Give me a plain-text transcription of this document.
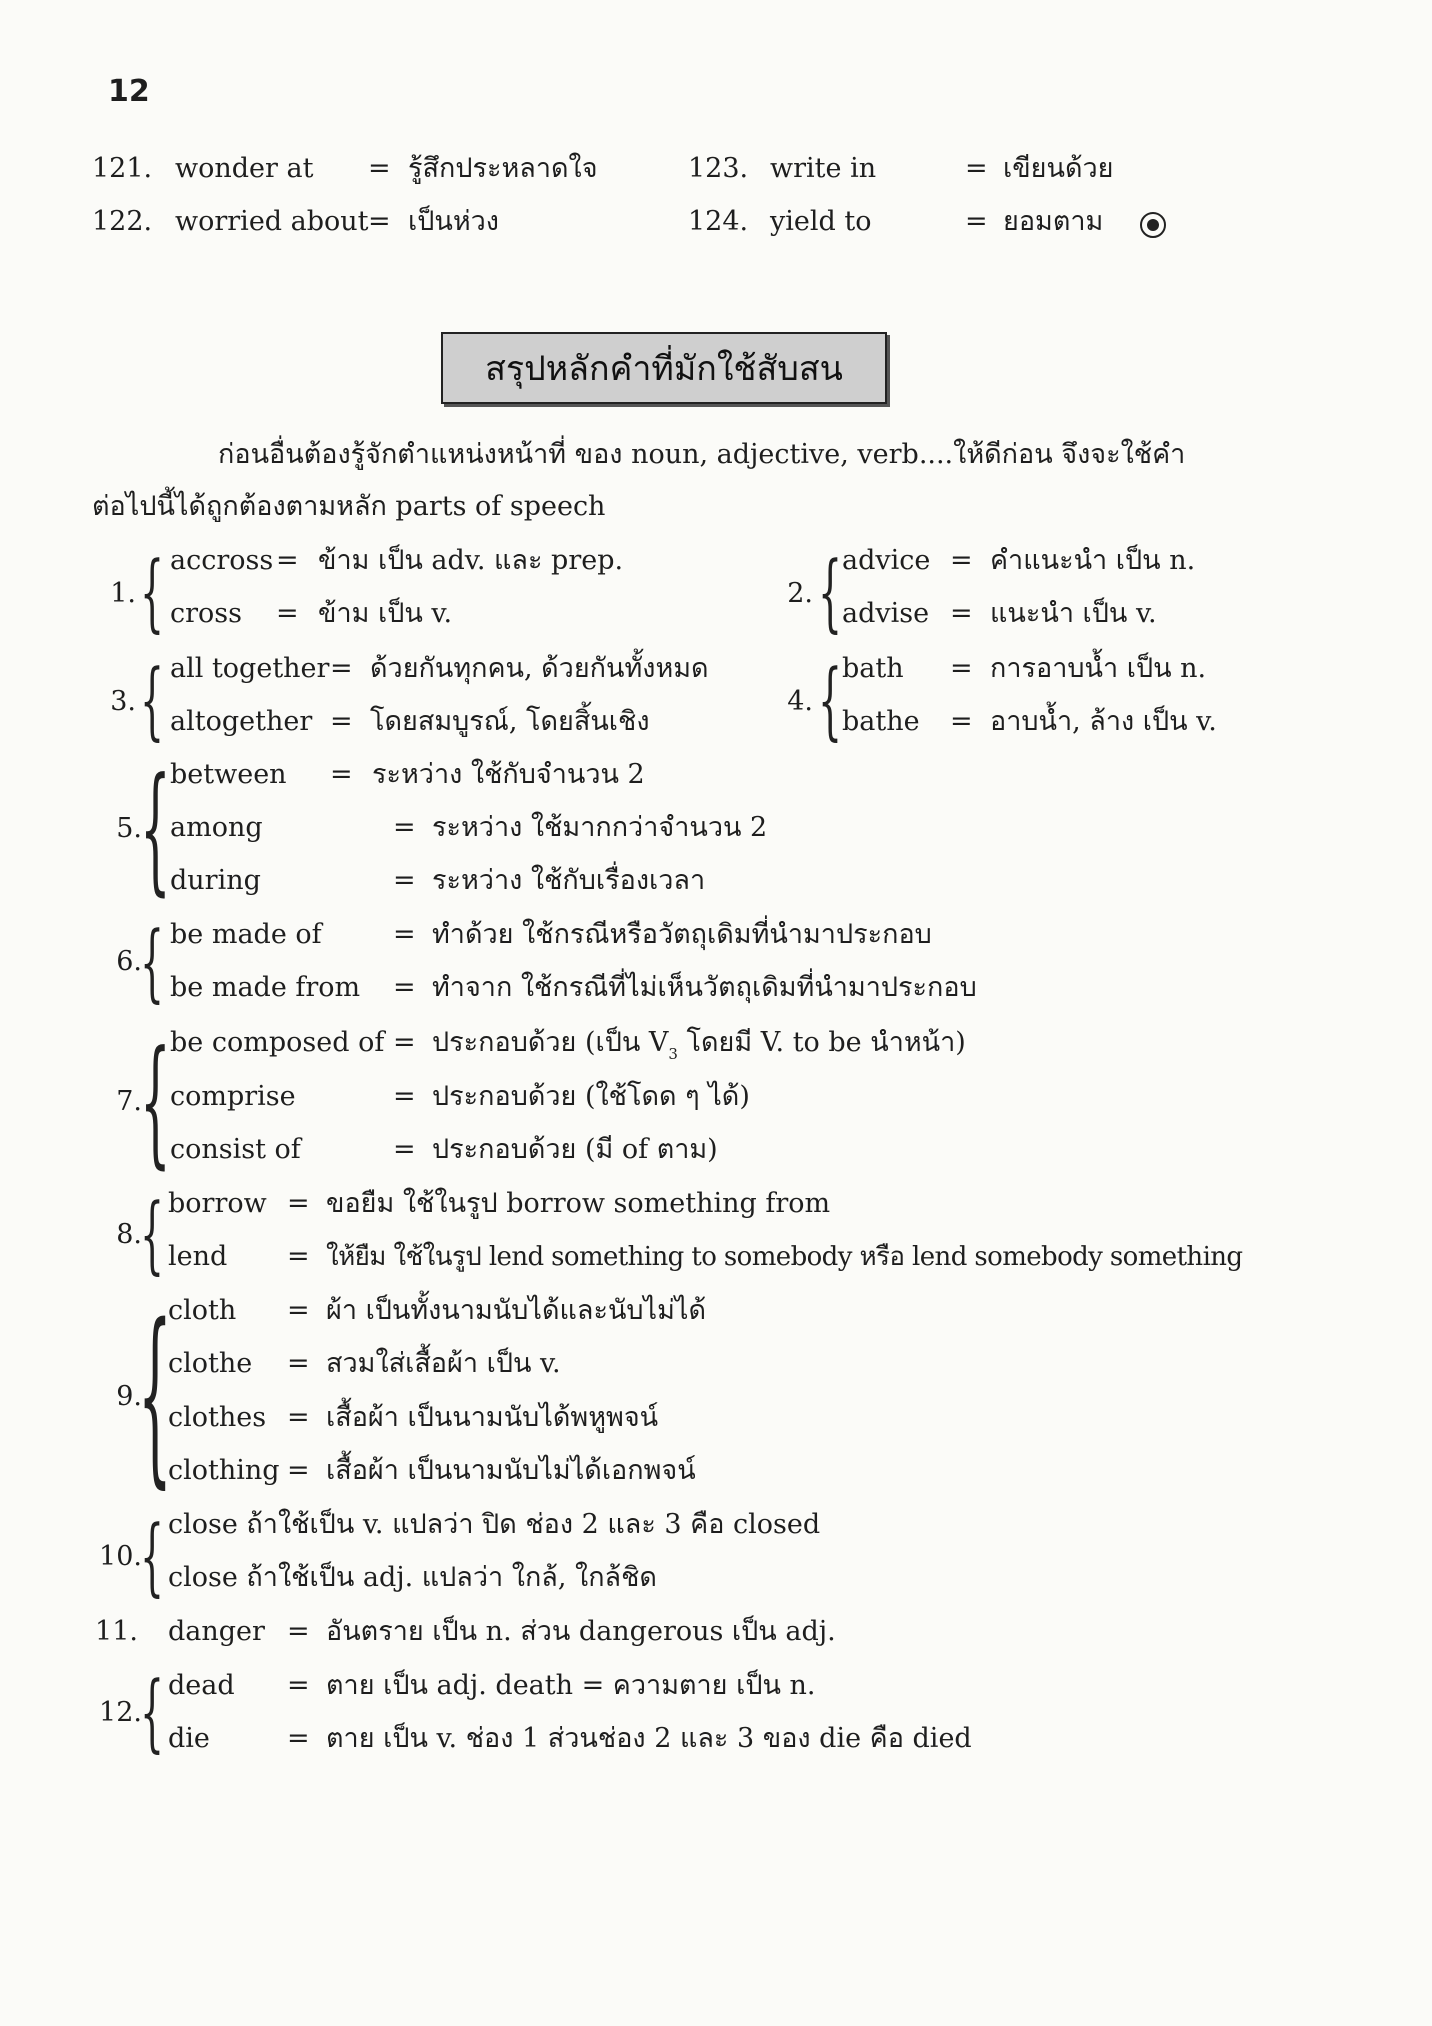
12
121. wonder at = รู้สึกประหลาดใจ
122. worried about = เป็นห่วง
123. write in	= เขียนด้วย
124. yield to	= ยอมตาม
สรุปหลักคำที่มักใช้สับสน
ก่อนอื่นต้องรู้จักตำแหน่งหน้าที่ ของ noun, adjective, verb....ให้ดีก่อน จึงจะใช้คำ
ต่อไปนี้ได้ถูกต้องตามหลัก parts of speech
1. { accross = ข้าม เป็น adv. และ prep.
cross = ข้าม เป็น v.
2. { advice = คำแนะนำ เป็น n.
advise = แนะนำ เป็น v.
3. { all together = ด้วยกันทุกคน, ด้วยกันทั้งหมด
altogether = โดยสมบูรณ์, โดยสิ้นเชิง
4. { bath = การอาบน้ำ เป็น n.
bathe = อาบน้ำ, ล้าง เป็น v.
5.
{ between = ระหว่าง ใช้กับจำนวน 2
among	= ระหว่าง ใช้มากกว่าจำนวน 2
during	= ระหว่าง ใช้กับเรื่องเวลา
6.
{ be made of	= ทำด้วย ใช้กรณีหรือวัตถุเดิมที่นำมาประกอบ
be made from = ทำจาก ใช้กรณีที่ไม่เห็นวัตถุเดิมที่นำมาประกอบ
7.
{ be composed of = ประกอบด้วย (เป็น $V_3$ โดยมี V. to be นำหน้า)
comprise	= ประกอบด้วย (ใช้โดด ๆ ได้)
consist of	= ประกอบด้วย (มี of ตาม)
8.
{ borrow = ขอยืม ใช้ในรูป borrow something from
lend = ให้ยืม ใช้ในรูป lend something to somebody หรือ lend somebody something
9.
{
cloth = ผ้า เป็นทั้งนามนับได้และนับไม่ได้
clothe = สวมใส่เสื้อผ้า เป็น v.
clothes = เสื้อผ้า เป็นนามนับได้พหูพจน์
clothing = เสื้อผ้า เป็นนามนับไม่ได้เอกพจน์
10.
{ close ถ้าใช้เป็น v. แปลว่า ปิด ช่อง 2 และ 3 คือ closed
close ถ้าใช้เป็น adj. แปลว่า ใกล้, ใกล้ชิด
11. danger = อันตราย เป็น n. ส่วน dangerous เป็น adj.
12.
{ dead = ตาย เป็น adj. death = ความตาย เป็น n.
die	= ตาย เป็น v. ช่อง 1 ส่วนช่อง 2 และ 3 ของ die คือ died
